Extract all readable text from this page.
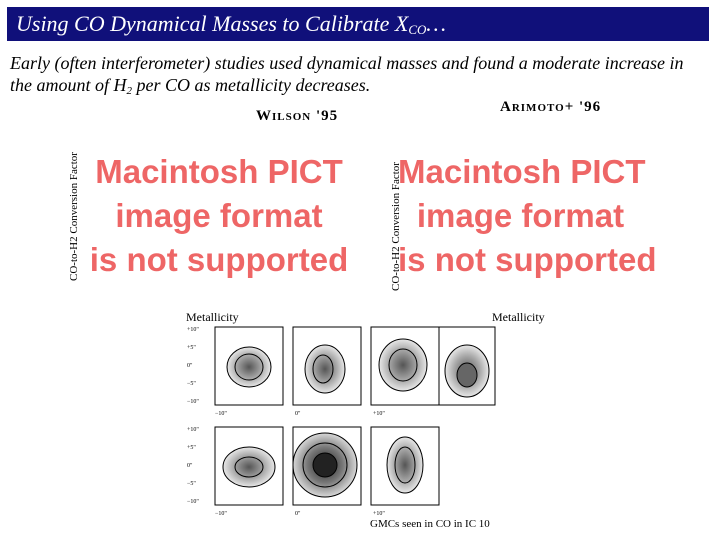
Using CO Dynamical Masses to Calibrate $X_{CO}\dots$
Early (often interferometer) studies used dynamical masses and found a moderate increase in the amount of $H_2$ per CO as metallicity decreases.
Wilson '95
CO-to-H2 Conversion Factor Macintosh PICT
image format
is not supported
Metallicity
Arimoto+ '96
CO-to-H2 Conversion Factor
Macintosh PICT
image format
is not supported
Metallicity
+10"
+5"
0"
−5"
−10"
+10"
+5"
0"
−5"
−10"
−10"	0"	+10"
−10"	0"	+10"
GMCs seen in CO in IC 10
